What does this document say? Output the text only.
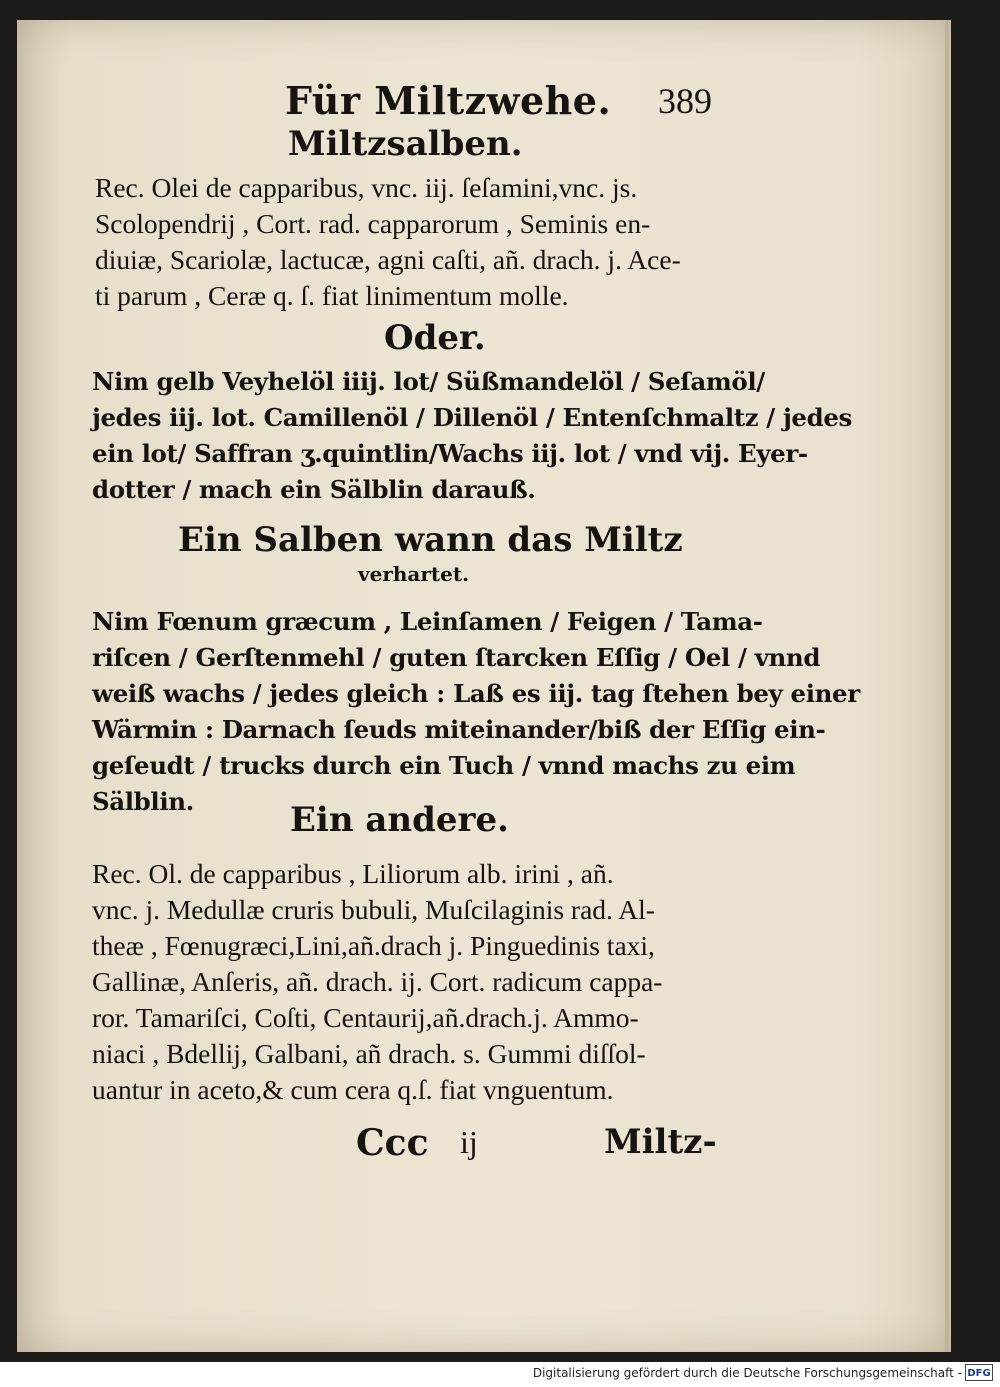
Für Miltzwehe. 389

Miltzsalben.

Rec. Olei de capparibus, vnc. iij. ſeſamini,vnc. js.
Scolopendrij , Cort. rad. capparorum , Seminis en-
diuiæ, Scariolæ, lactucæ, agni caſti, añ. drach. j. Ace-
ti parum , Ceræ q. ſ. fiat linimentum molle.

Oder.

Nim gelb Veyhelöl iiij. lot/ Süßmandelöl / Seſamöl/
jedes iij. lot. Camillenöl / Dillenöl / Entenſchmaltz / jedes
ein lot/ Saffran ʒ.quintlin/Wachs iij. lot / vnd vij. Eyer-
dotter / mach ein Sälblin darauß.

Ein Salben wann das Miltz

verhartet.

Nim Fœnum græcum , Leinſamen / Feigen / Tama-
riſcen / Gerſtenmehl / guten ſtarcken Eſſig / Oel / vnnd
weiß wachs / jedes gleich : Laß es iij. tag ſtehen bey einer
Wärmin : Darnach ſeuds miteinander/biß der Eſſig ein-
geſeudt / trucks durch ein Tuch / vnnd machs zu eim
Sälblin.	Ein andere.

Rec. Ol. de capparibus , Liliorum alb. irini , añ.
vnc. j. Medullæ cruris bubuli, Muſcilaginis rad. Al-
theæ , Fœnugræci,Lini,añ.drach j. Pinguedinis taxi,
Gallinæ, Anſeris, añ. drach. ij. Cort. radicum cappa-
ror. Tamariſci, Coſti, Centaurij,añ.drach.j. Ammo-
niaci , Bdellij, Galbani, añ drach. s. Gummi diſſol-
uantur in aceto,& cum cera q.ſ. fiat vnguentum.

Ccc ij	Miltz-

Digitalisierung gefördert durch die Deutsche Forschungsgemeinschaft - DFG
